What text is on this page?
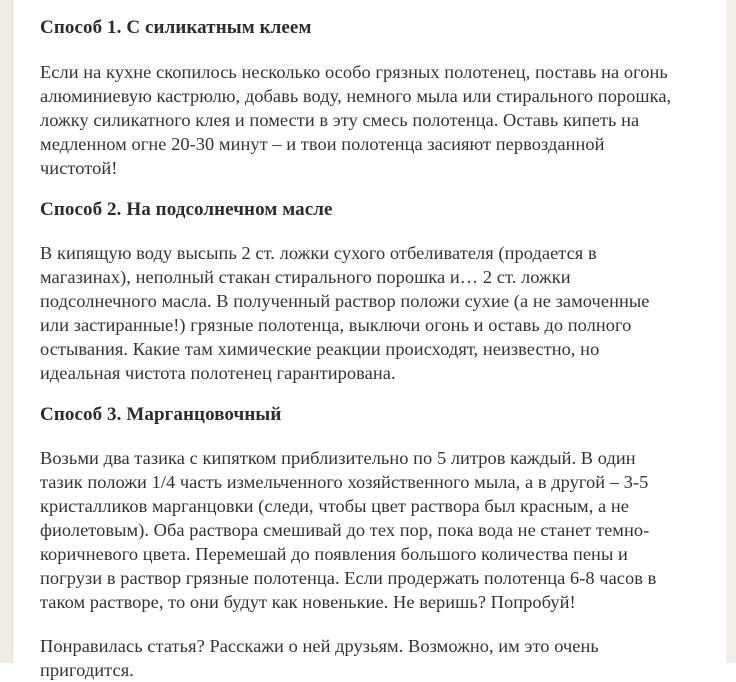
Способ 1. С силикатным клеем

Если на кухне скопилось несколько особо грязных полотенец, поставь на огонь
алюминиевую кастрюлю, добавь воду, немного мыла или стирального порошка,
ложку силикатного клея и помести в эту смесь полотенца. Оставь кипеть на
медленном огне 20-30 минут – и твои полотенца засияют первозданной
чистотой!

Способ 2. На подсолнечном масле

В кипящую воду высыпь 2 ст. ложки сухого отбеливателя (продается в
магазинах), неполный стакан стирального порошка и… 2 ст. ложки
подсолнечного масла. В полученный раствор положи сухие (а не замоченные
или застиранные!) грязные полотенца, выключи огонь и оставь до полного
остывания. Какие там химические реакции происходят, неизвестно, но
идеальная чистота полотенец гарантирована.

Способ 3. Марганцовочный

Возьми два тазика с кипятком приблизительно по 5 литров каждый. В один
тазик положи 1/4 часть измельченного хозяйственного мыла, а в другой – 3-5
кристалликов марганцовки (следи, чтобы цвет раствора был красным, а не
фиолетовым). Оба раствора смешивай до тех пор, пока вода не станет темно-
коричневого цвета. Перемешай до появления большого количества пены и
погрузи в раствор грязные полотенца. Если продержать полотенца 6-8 часов в
таком растворе, то они будут как новенькие. Не веришь? Попробуй!

Понравилась статья? Расскажи о ней друзьям. Возможно, им это очень
пригодится.
